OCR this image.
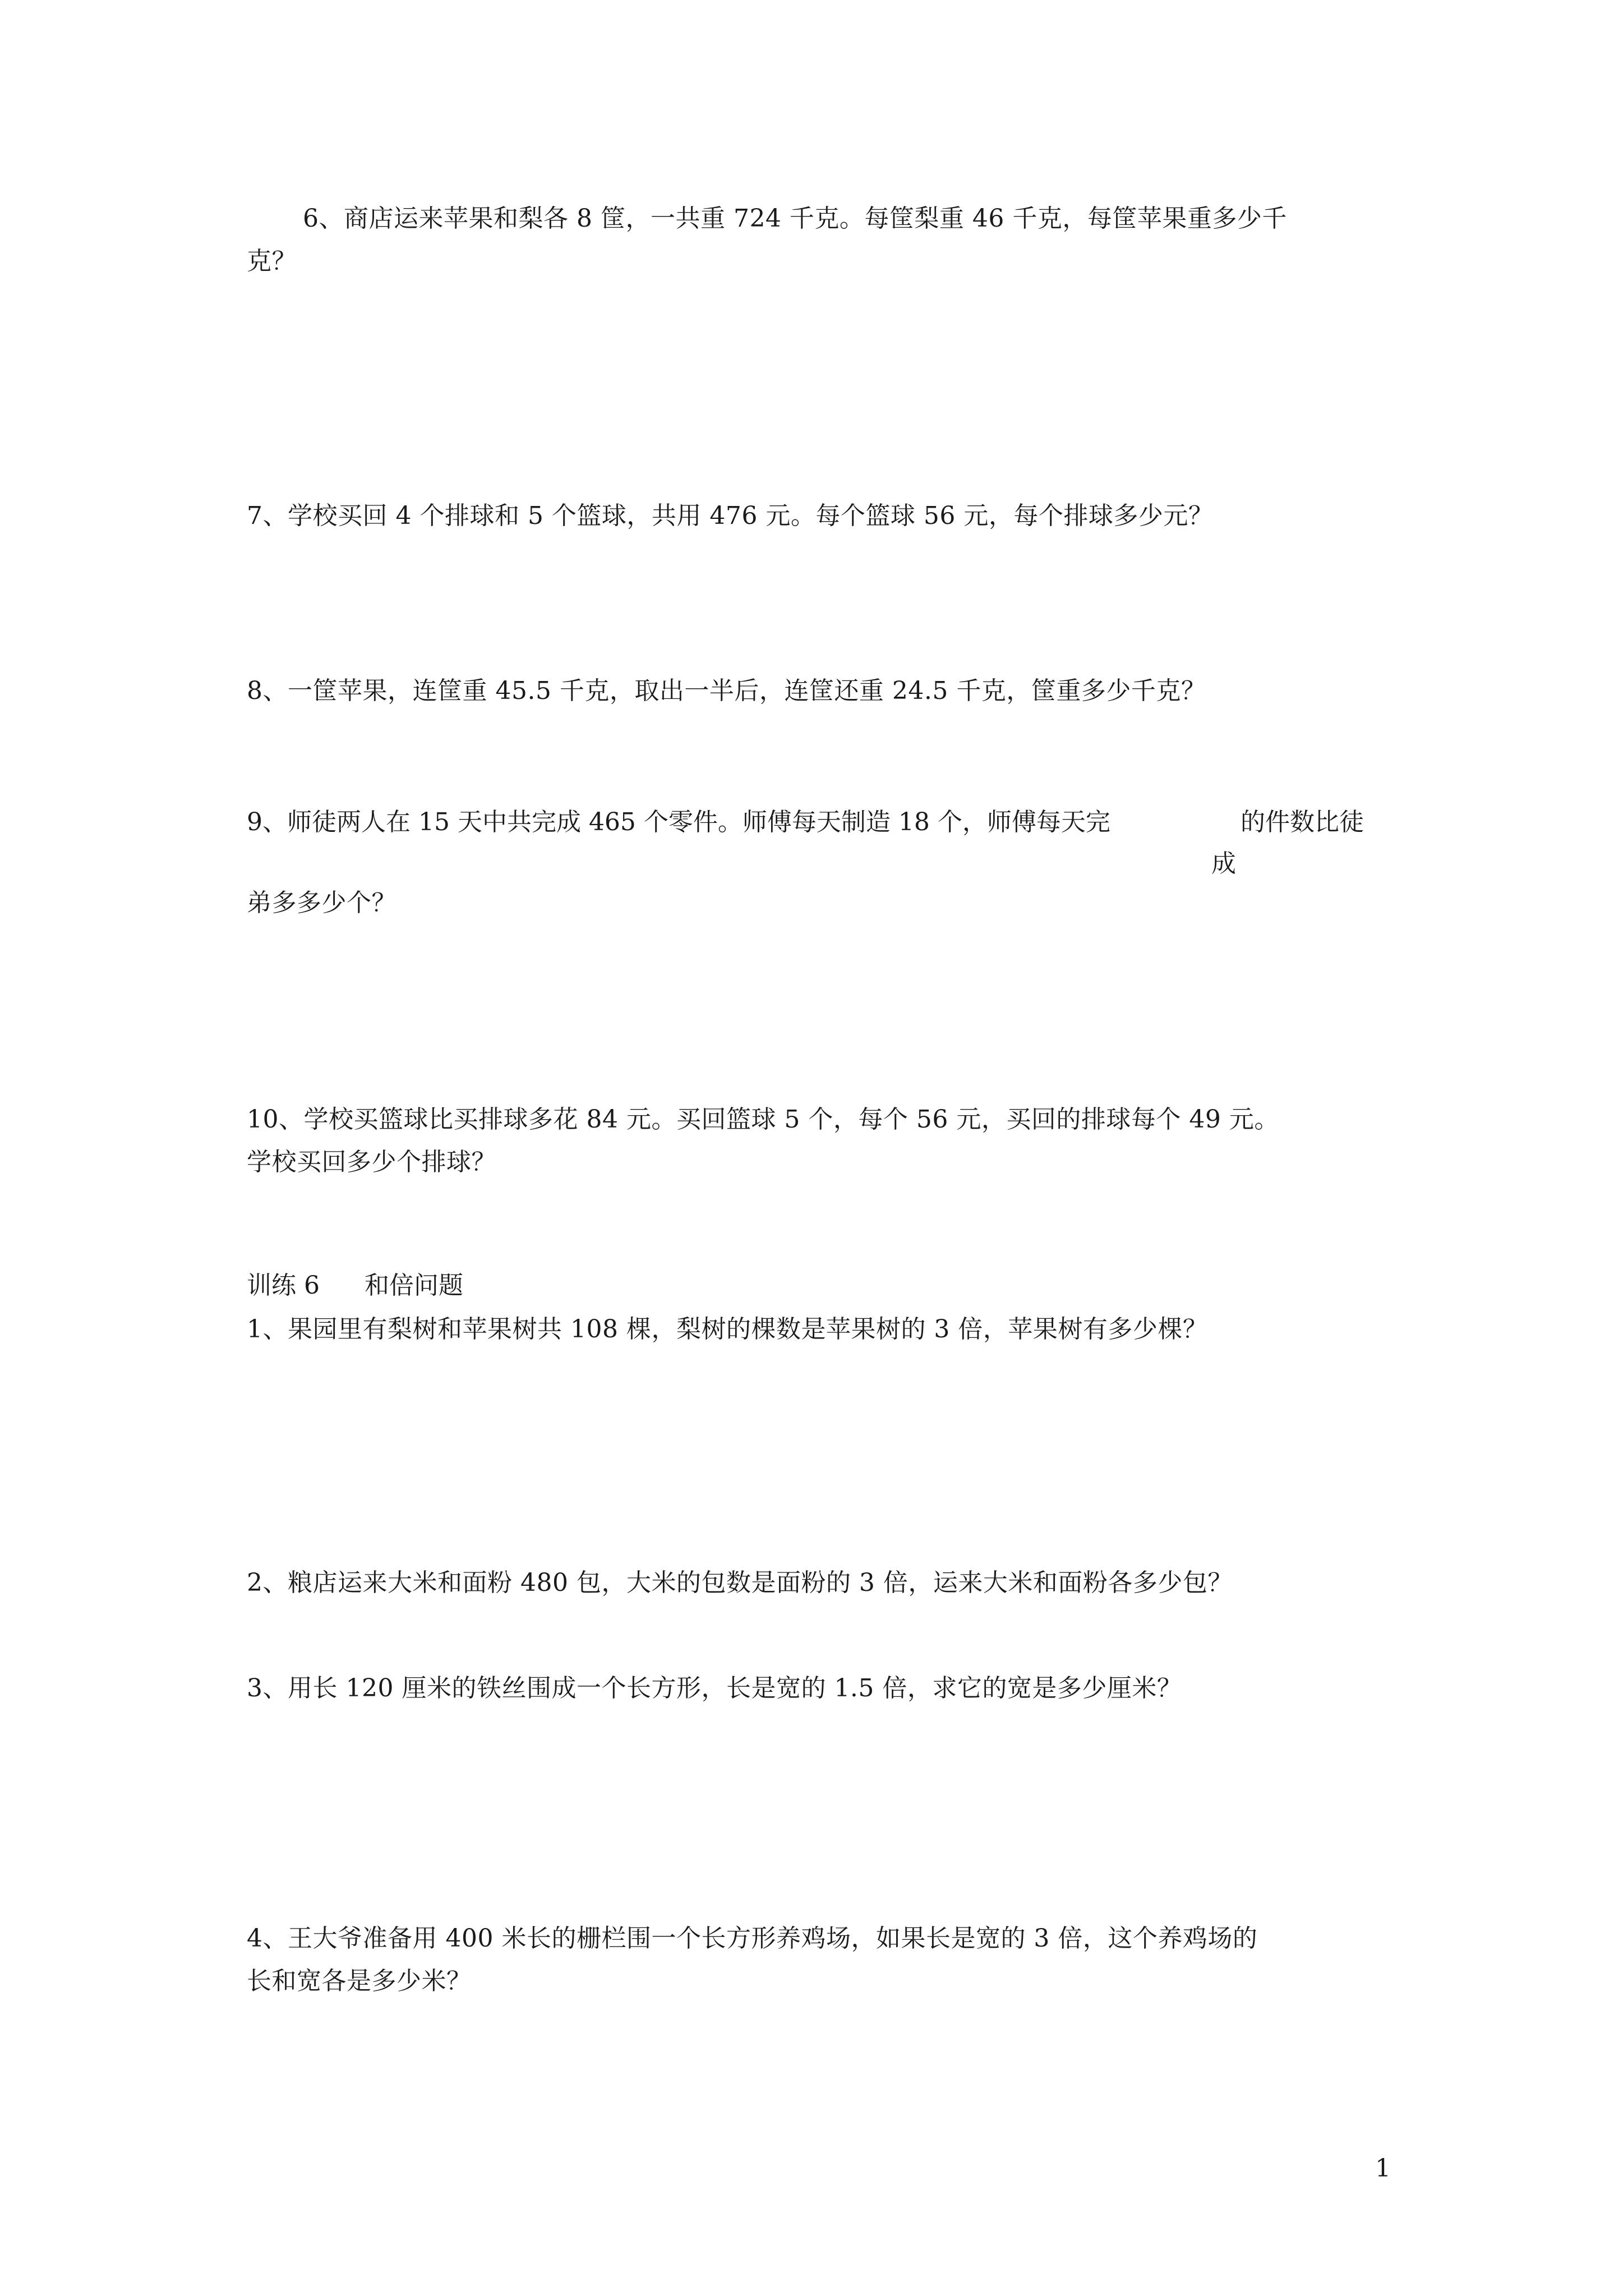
6、商店运来苹果和梨各 8 筐，一共重 724 千克。每筐梨重 46 千克，每筐苹果重多少千
克？
7、学校买回 4 个排球和 5 个篮球，共用 476 元。每个篮球 56 元，每个排球多少元？
8、一筐苹果，连筐重 45.5 千克，取出一半后，连筐还重 24.5 千克，筐重多少千克？
9、师徒两人在 15 天中共完成 465 个零件。师傅每天制造 18 个，师傅每天完	的件数比徒
成
弟多多少个？
10、学校买篮球比买排球多花 84 元。买回篮球 5 个，每个 56 元，买回的排球每个 49 元。
学校买回多少个排球？
训练 6 和倍问题
1、果园里有梨树和苹果树共 108 棵，梨树的棵数是苹果树的 3 倍，苹果树有多少棵？
2、粮店运来大米和面粉 480 包，大米的包数是面粉的 3 倍，运来大米和面粉各多少包？
3、用长 120 厘米的铁丝围成一个长方形，长是宽的 1.5 倍，求它的宽是多少厘米？
4、王大爷准备用 400 米长的栅栏围一个长方形养鸡场，如果长是宽的 3 倍，这个养鸡场的
长和宽各是多少米？
1
